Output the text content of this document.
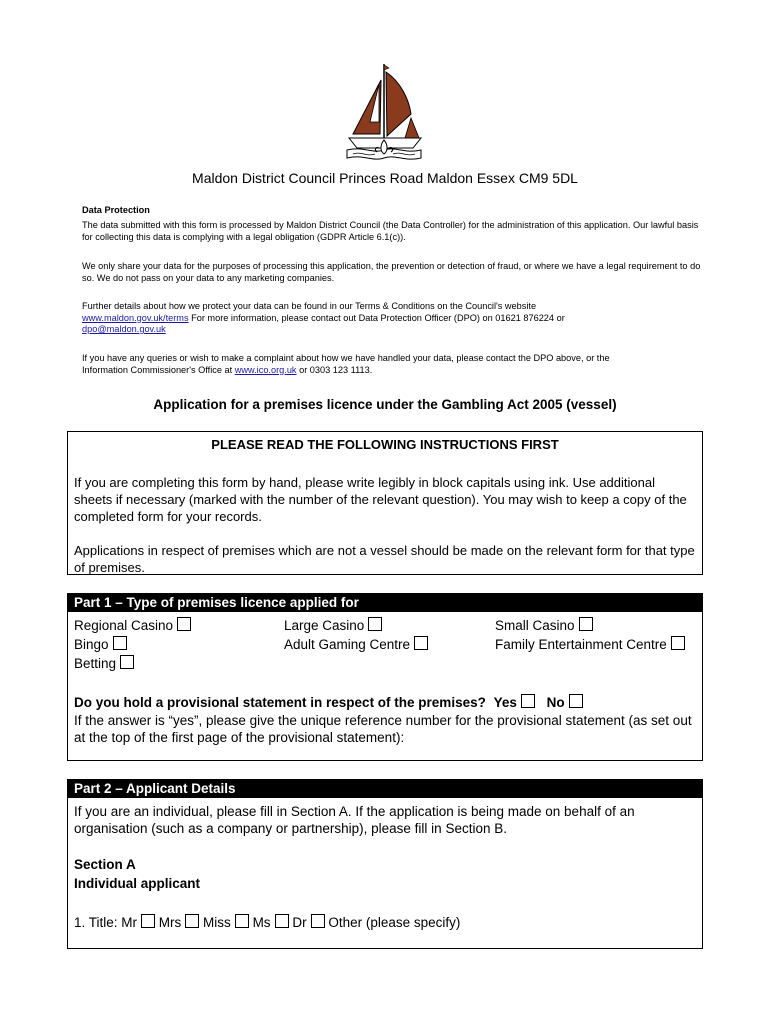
Maldon District Council Princes Road Maldon Essex CM9 5DL
Data Protection
The data submitted with this form is processed by Maldon District Council (the Data Controller) for the administration of this application. Our lawful basis for collecting this data is complying with a legal obligation (GDPR Article 6.1(c)).
We only share your data for the purposes of processing this application, the prevention or detection of fraud, or where we have a legal requirement to do so. We do not pass on your data to any marketing companies.
Further details about how we protect your data can be found in our Terms & Conditions on the Council's website
www.maldon.gov.uk/terms For more information, please contact out Data Protection Officer (DPO) on 01621 876224 or
dpo@maldon.gov.uk
If you have any queries or wish to make a complaint about how we have handled your data, please contact the DPO above, or the
Information Commissioner's Office at www.ico.org.uk or 0303 123 1113.
Application for a premises licence under the Gambling Act 2005 (vessel)
PLEASE READ THE FOLLOWING INSTRUCTIONS FIRST
If you are completing this form by hand, please write legibly in block capitals using ink. Use additional sheets if necessary (marked with the number of the relevant question). You may wish to keep a copy of the completed form for your records.
Applications in respect of premises which are not a vessel should be made on the relevant form for that type of premises.
Part 1 – Type of premises licence applied for
Regional Casino	Large Casino	Small Casino
Bingo	Adult Gaming Centre	Family Entertainment Centre
Betting
Do you hold a provisional statement in respect of the premises? Yes No
If the answer is “yes”, please give the unique reference number for the provisional statement (as set out at the top of the first page of the provisional statement):
Part 2 – Applicant Details
If you are an individual, please fill in Section A. If the application is being made on behalf of an organisation (such as a company or partnership), please fill in Section B.
Section A
Individual applicant
1. Title: Mr Mrs Miss Ms Dr Other (please specify)
